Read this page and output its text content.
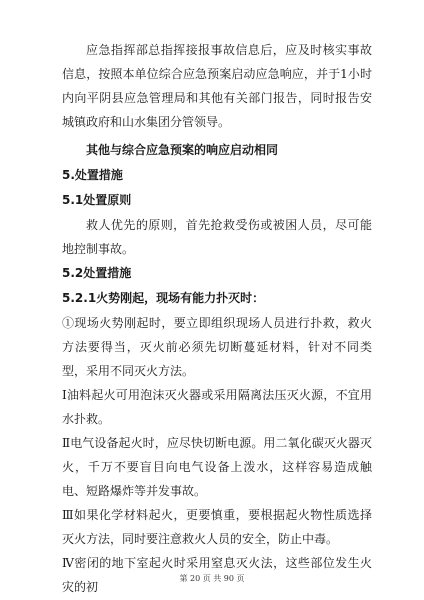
应急指挥部总指挥接报事故信息后，应及时核实事故信息，按照本单位综合应急预案启动应急响应，并于1小时内向平阴县应急管理局和其他有关部门报告，同时报告安城镇政府和山水集团分管领导。

其他与综合应急预案的响应启动相同

5.处置措施

5.1处置原则

救人优先的原则，首先抢救受伤或被困人员，尽可能地控制事故。

5.2处置措施

5.2.1火势刚起，现场有能力扑灭时：

①现场火势刚起时，要立即组织现场人员进行扑救，救火方法要得当，灭火前必须先切断蔓延材料，针对不同类型，采用不同灭火方法。

Ⅰ油料起火可用泡沫灭火器或采用隔离法压灭火源，不宜用水扑救。

Ⅱ电气设备起火时，应尽快切断电源。用二氧化碳灭火器灭火，千万不要盲目向电气设备上泼水，这样容易造成触电、短路爆炸等并发事故。

Ⅲ如果化学材料起火，更要慎重，要根据起火物性质选择灭火方法，同时要注意救火人员的安全，防止中毒。

Ⅳ密闭的地下室起火时采用窒息灭火法，这些部位发生火灾的初

第 20 页 共 90 页
